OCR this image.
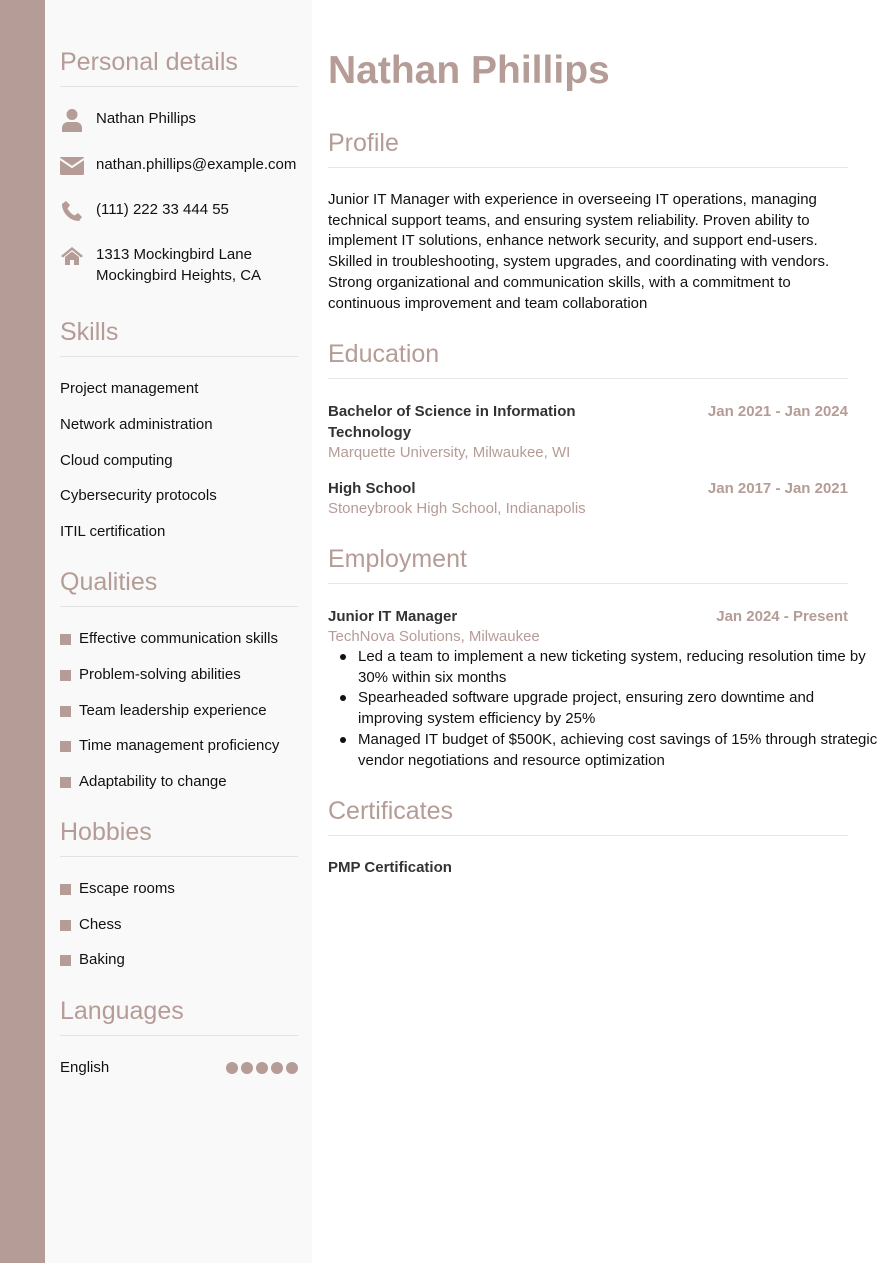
Personal details
Nathan Phillips
nathan.phillips@example.com
(111) 222 33 444 55
1313 Mockingbird Lane
Mockingbird Heights, CA
Skills
Project management
Network administration
Cloud computing
Cybersecurity protocols
ITIL certification
Qualities
Effective communication skills
Problem-solving abilities
Team leadership experience
Time management proficiency
Adaptability to change
Hobbies
Escape rooms
Chess
Baking
Languages
English
Nathan Phillips
Profile
Junior IT Manager with experience in overseeing IT operations, managing technical support teams, and ensuring system reliability. Proven ability to implement IT solutions, enhance network security, and support end-users. Skilled in troubleshooting, system upgrades, and coordinating with vendors. Strong organizational and communication skills, with a commitment to continuous improvement and team collaboration
Education
Bachelor of Science in Information
Technology
Jan 2021 - Jan 2024
Marquette University, Milwaukee, WI
High School	Jan 2017 - Jan 2021
Stoneybrook High School, Indianapolis
Employment
Junior IT Manager	Jan 2024 - Present
TechNova Solutions, Milwaukee
Led a team to implement a new ticketing system, reducing resolution time by 30% within six months
Spearheaded software upgrade project, ensuring zero downtime and improving system efficiency by 25%
Managed IT budget of $500K, achieving cost savings of 15% through strategic vendor negotiations and resource optimization
Certificates
PMP Certification
